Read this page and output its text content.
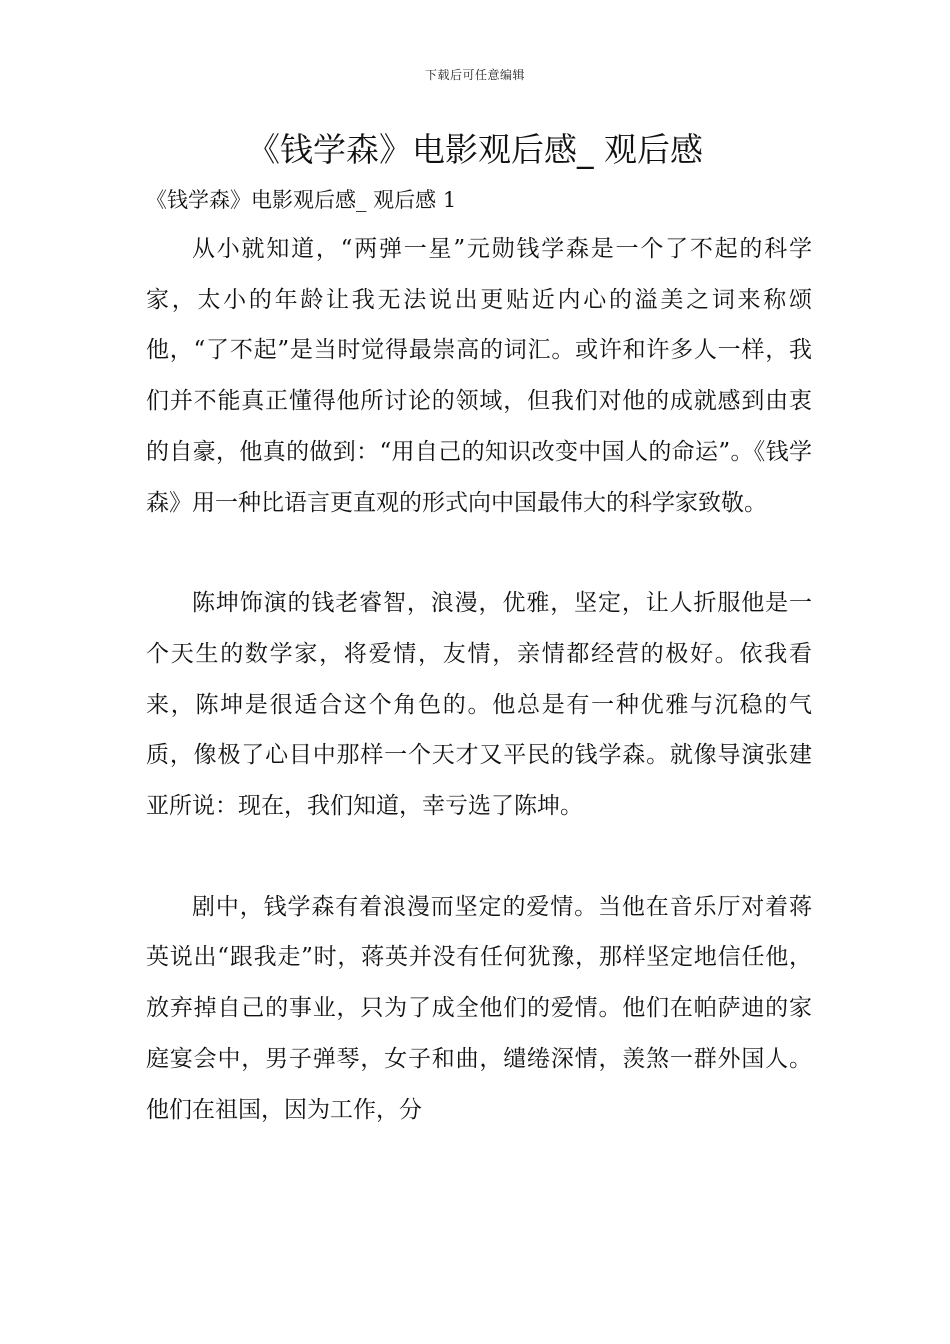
下载后可任意编辑
《钱学森》电影观后感_ 观后感

《钱学森》电影观后感_ 观后感 1

从小就知道，“两弹一星”元勋钱学森是一个了不起的科学家，太小的年龄让我无法说出更贴近内心的溢美之词来称颂他，“了不起”是当时觉得最崇高的词汇。或许和许多人一样，我们并不能真正懂得他所讨论的领域，但我们对他的成就感到由衷的自豪，他真的做到：“用自己的知识改变中国人的命运”。《钱学森》用一种比语言更直观的形式向中国最伟大的科学家致敬。

陈坤饰演的钱老睿智，浪漫，优雅，坚定，让人折服他是一个天生的数学家，将爱情，友情，亲情都经营的极好。依我看来，陈坤是很适合这个角色的。他总是有一种优雅与沉稳的气质，像极了心目中那样一个天才又平民的钱学森。就像导演张建亚所说：现在，我们知道，幸亏选了陈坤。

剧中，钱学森有着浪漫而坚定的爱情。当他在音乐厅对着蒋英说出“跟我走”时，蒋英并没有任何犹豫，那样坚定地信任他，放弃掉自己的事业，只为了成全他们的爱情。他们在帕萨迪的家庭宴会中，男子弹琴，女子和曲，缱绻深情，羡煞一群外国人。他们在祖国，因为工作，分
